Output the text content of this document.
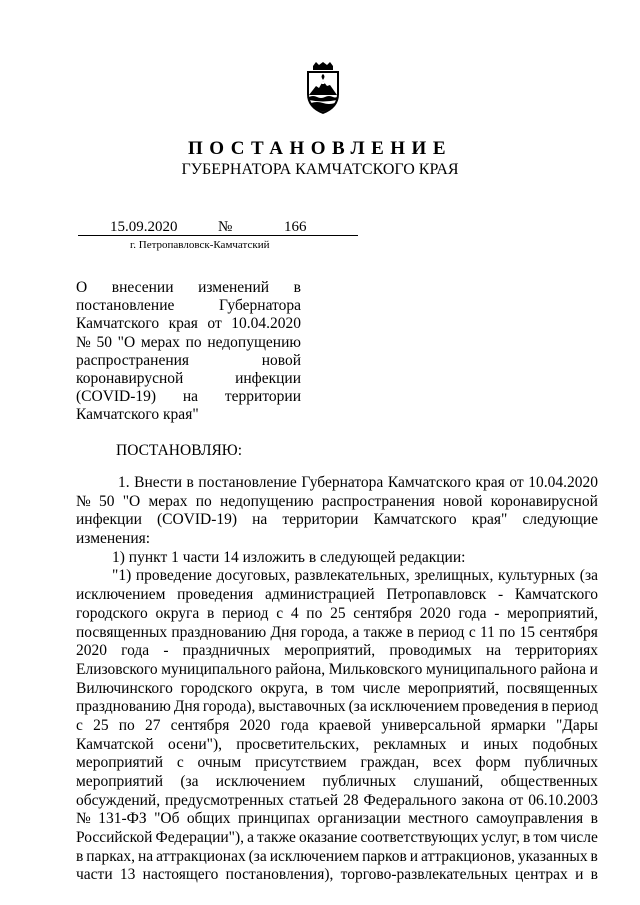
ПОСТАНОВЛЕНИЕ
ГУБЕРНАТОРА КАМЧАТСКОГО КРАЯ
15.09.2020	№	166
г. Петропавловск-Камчатский
О внесении изменений в
постановление	Губернатора
Камчатского края от 10.04.2020
№ 50 "О мерах по недопущению
распространения	новой
коронавирусной	инфекции
(COVID-19) на территории
Камчатского края"
ПОСТАНОВЛЯЮ:
1. Внести в постановление Губернатора Камчатского края от 10.04.2020
№ 50 "О мерах по недопущению распространения новой коронавирусной
инфекции (COVID-19) на территории Камчатского края" следующие
изменения:
1) пункт 1 части 14 изложить в следующей редакции:
"1) проведение досуговых, развлекательных, зрелищных, культурных (за
исключением проведения администрацией Петропавловск - Камчатского
городского округа в период с 4 по 25 сентября 2020 года - мероприятий,
посвященных празднованию Дня города, а также в период с 11 по 15 сентября
2020 года - праздничных мероприятий, проводимых на территориях
Елизовского муниципального района, Мильковского муниципального района и
Вилючинского городского округа, в том числе мероприятий, посвященных
празднованию Дня города), выставочных (за исключением проведения в период
с 25 по 27 сентября 2020 года краевой универсальной ярмарки "Дары
Камчатской осени"), просветительских, рекламных и иных подобных
мероприятий с очным присутствием граждан, всех форм публичных
мероприятий (за исключением публичных слушаний, общественных
обсуждений, предусмотренных статьей 28 Федерального закона от 06.10.2003
№ 131-ФЗ "Об общих принципах организации местного самоуправления в
Российской Федерации"), а также оказание соответствующих услуг, в том числе
в парках, на аттракционах (за исключением парков и аттракционов, указанных в
части 13 настоящего постановления), торгово-развлекательных центрах и в
